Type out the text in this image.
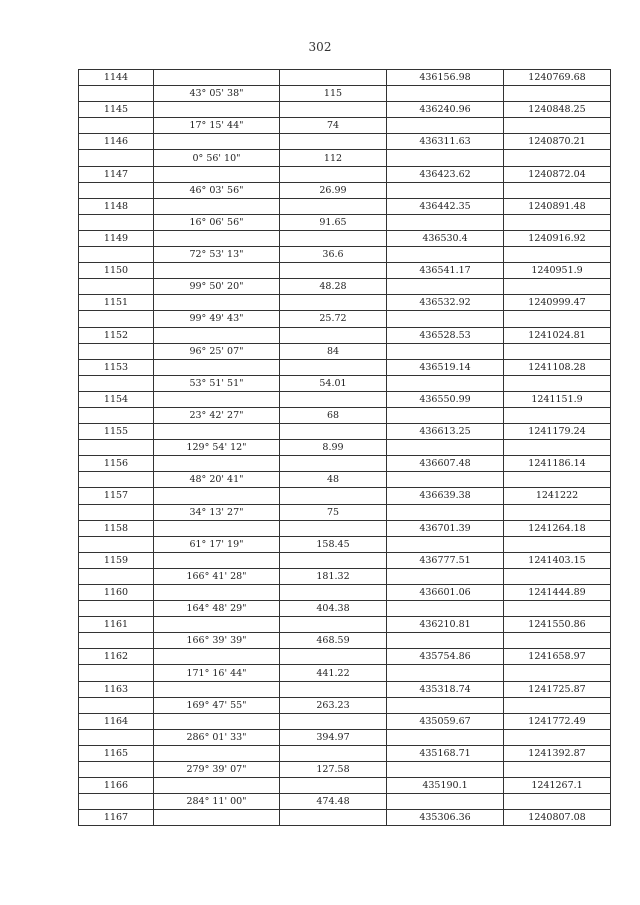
302
1144			436156.98	1240769.68
	43° 05' 38"	115		
1145			436240.96	1240848.25
	17° 15' 44"	74		
1146			436311.63	1240870.21
	0° 56' 10"	112		
1147			436423.62	1240872.04
	46° 03' 56"	26.99		
1148			436442.35	1240891.48
	16° 06' 56"	91.65		
1149			436530.4	1240916.92
	72° 53' 13"	36.6		
1150			436541.17	1240951.9
	99° 50' 20"	48.28		
1151			436532.92	1240999.47
	99° 49' 43"	25.72		
1152			436528.53	1241024.81
	96° 25' 07"	84		
1153			436519.14	1241108.28
	53° 51' 51"	54.01		
1154			436550.99	1241151.9
	23° 42' 27"	68		
1155			436613.25	1241179.24
	129° 54' 12"	8.99		
1156			436607.48	1241186.14
	48° 20' 41"	48		
1157			436639.38	1241222
	34° 13' 27"	75		
1158			436701.39	1241264.18
	61° 17' 19"	158.45		
1159			436777.51	1241403.15
	166° 41' 28"	181.32		
1160			436601.06	1241444.89
	164° 48' 29"	404.38		
1161			436210.81	1241550.86
	166° 39' 39"	468.59		
1162			435754.86	1241658.97
	171° 16' 44"	441.22		
1163			435318.74	1241725.87
	169° 47' 55"	263.23		
1164			435059.67	1241772.49
	286° 01' 33"	394.97		
1165			435168.71	1241392.87
	279° 39' 07"	127.58		
1166			435190.1	1241267.1
	284° 11' 00"	474.48		
1167			435306.36	1240807.08
